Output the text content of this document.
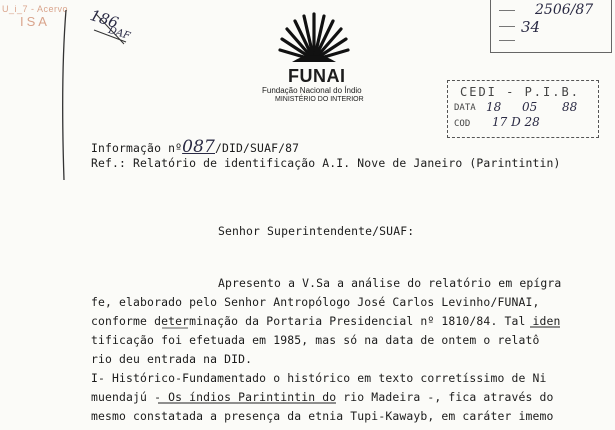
U_i_7 - Acervo
ISA	186
DAF
FUNAI
Fundação Nacional do Índio
MINISTÉRIO DO INTERIOR
2506/87
34
CEDI - P.I.B.
DATA 18 05 88
COD 17 D 28
Informação nº087/DID/SUAF/87
Ref.: Relatório de identificação A.I. Nove de Janeiro (Parintintin)
Senhor Superintendente/SUAF:
Apresento a V.Sa a análise do relatório em epígra
fe, elaborado pelo Senhor Antropólogo José Carlos Levinho/FUNAI,
conforme determinação da Portaria Presidencial nº 1810/84. Tal iden
tificação foi efetuada em 1985, mas só na data de ontem o relatô
rio deu entrada na DID.
I- Histórico-Fundamentado o histórico em texto corretíssimo de Ni
muendajú - Os índios Parintintin do rio Madeira -, fica através do
mesmo constatada a presença da etnia Tupi-Kawayb, em caráter imemo
